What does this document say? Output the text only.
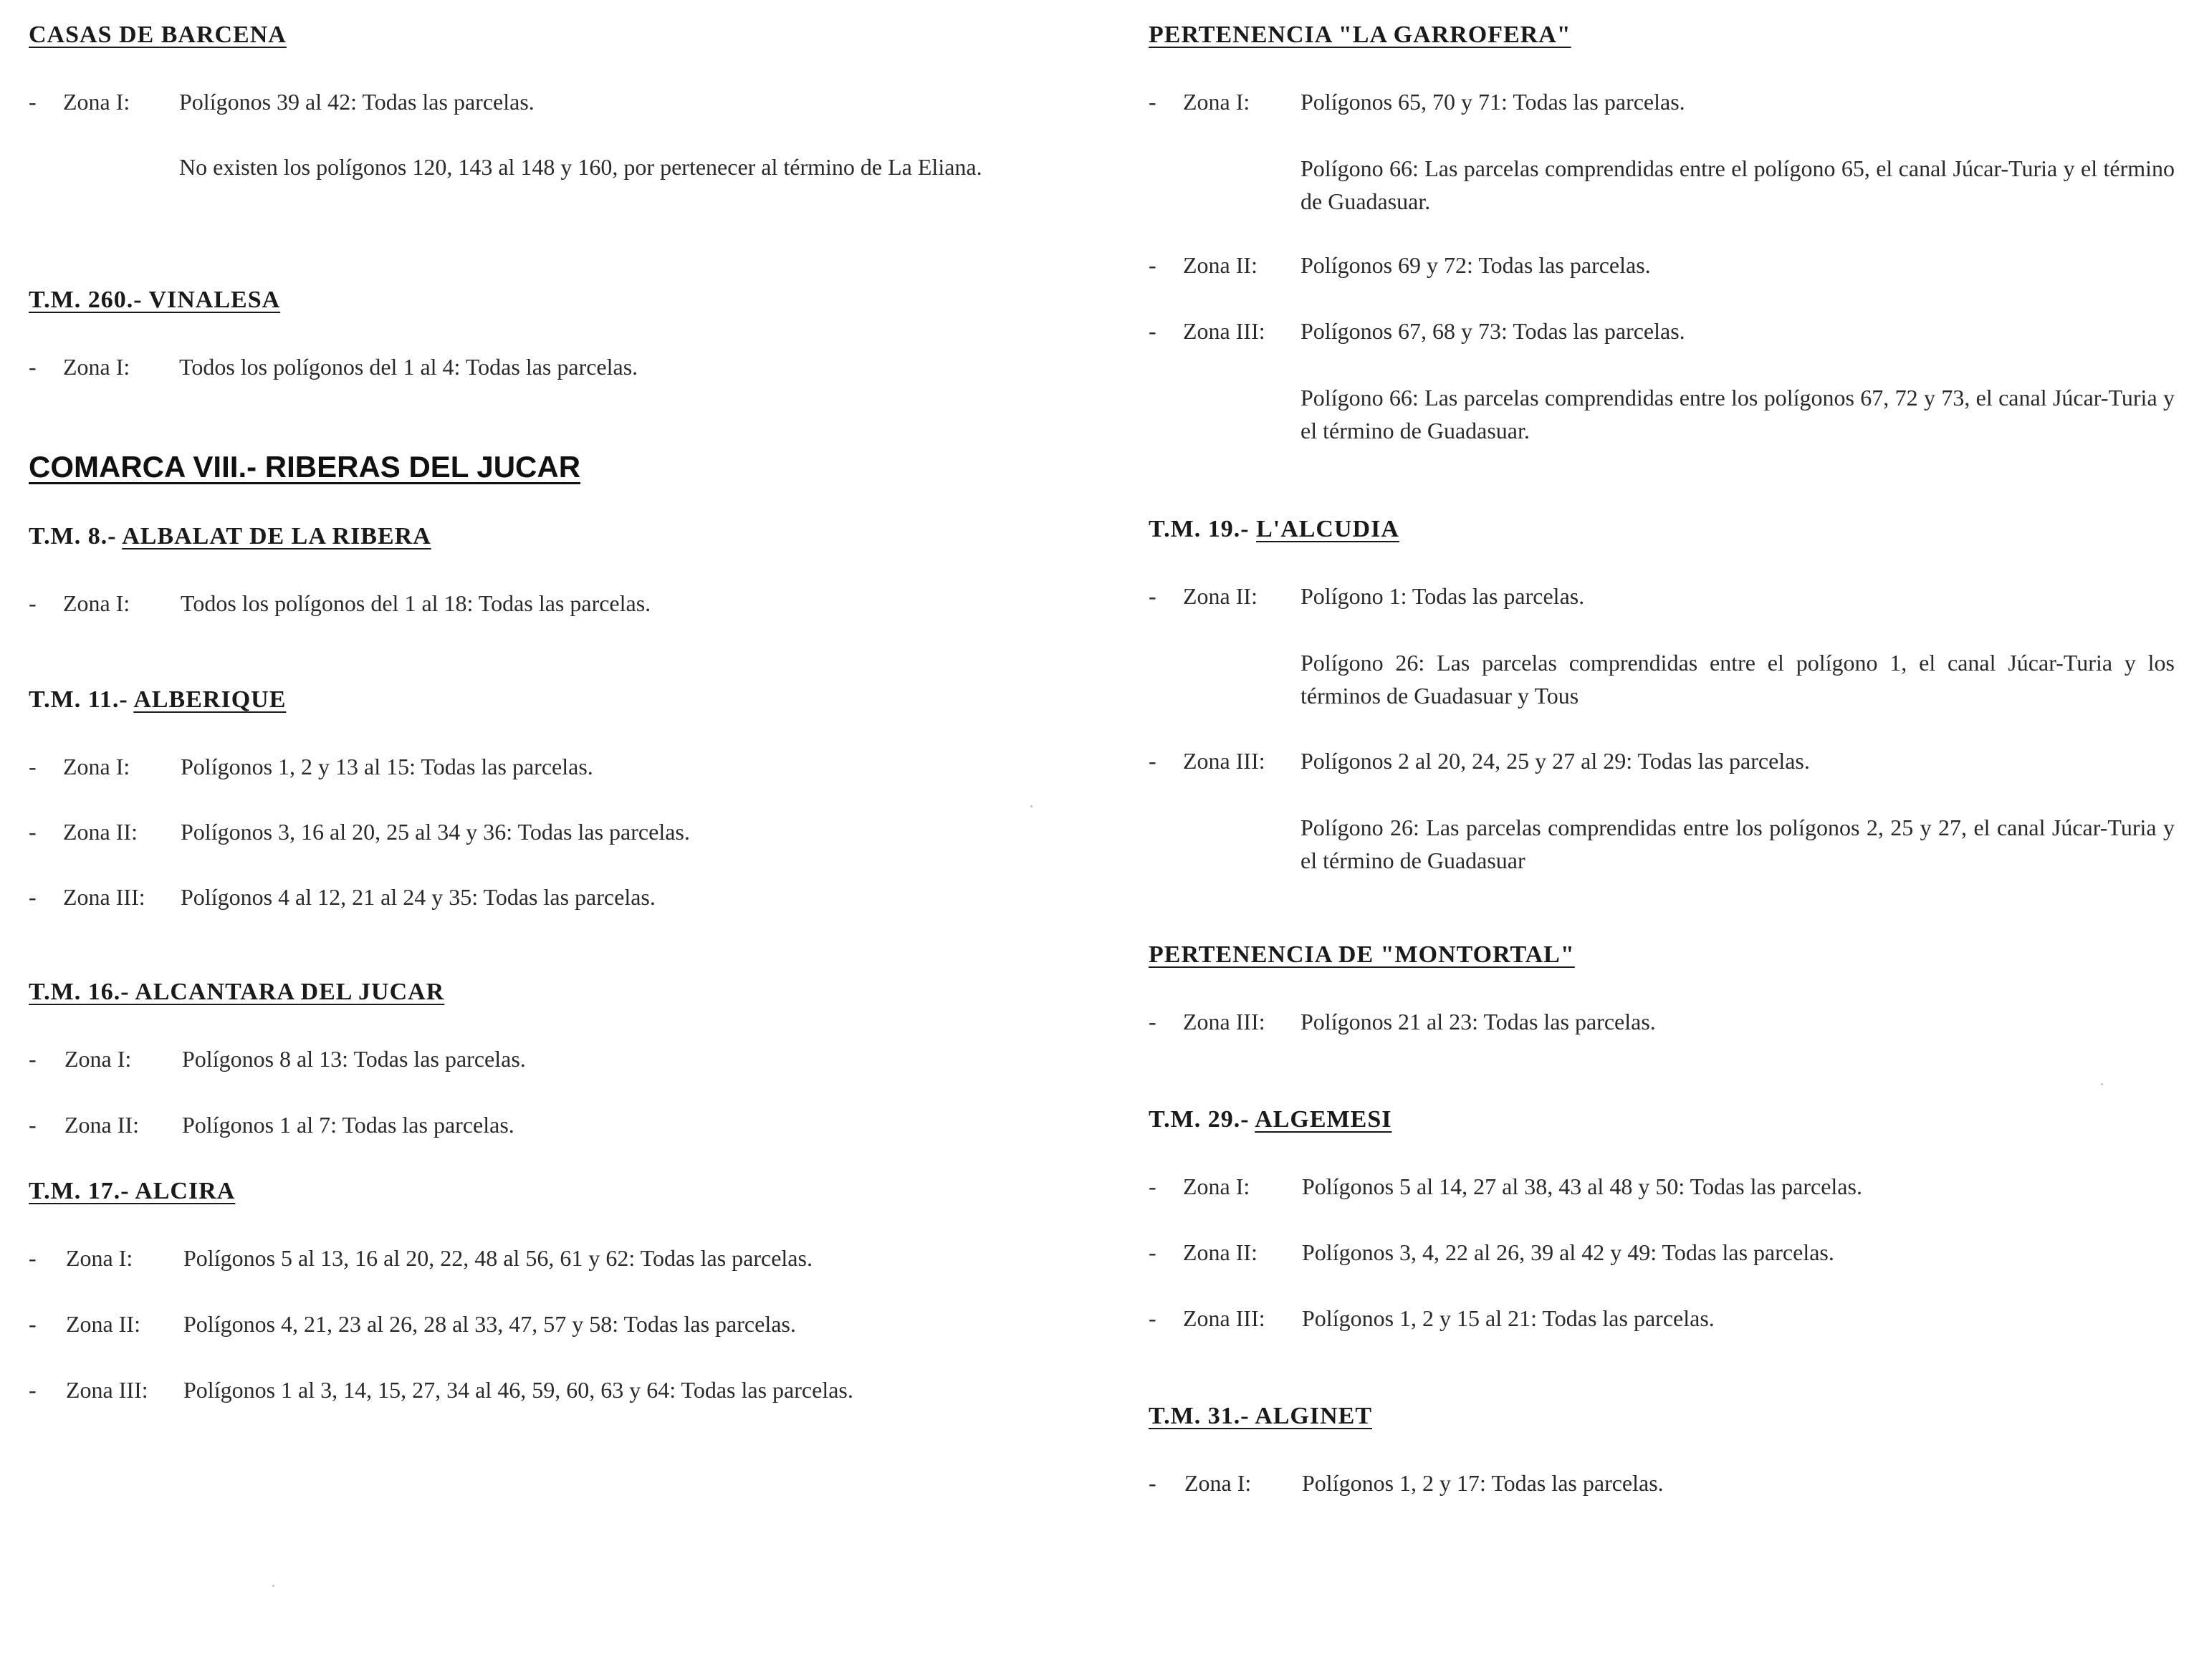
CASAS DE BARCENA
- Zona I: Polígonos 39 al 42: Todas las parcelas.
No existen los polígonos 120, 143 al 148 y 160, por pertenecer al término de La Eliana.
T.M. 260.- VINALESA
- Zona I: Todos los polígonos del 1 al 4: Todas las parcelas.
COMARCA VIII.- RIBERAS DEL JUCAR
T.M. 8.- ALBALAT DE LA RIBERA
- Zona I: Todos los polígonos del 1 al 18: Todas las parcelas.
T.M. 11.- ALBERIQUE
- Zona I: Polígonos 1, 2 y 13 al 15: Todas las parcelas.
- Zona II: Polígonos 3, 16 al 20, 25 al 34 y 36: Todas las parcelas.
- Zona III: Polígonos 4 al 12, 21 al 24 y 35: Todas las parcelas.
T.M. 16.- ALCANTARA DEL JUCAR
- Zona I: Polígonos 8 al 13: Todas las parcelas.
- Zona II: Polígonos 1 al 7: Todas las parcelas.
T.M. 17.- ALCIRA
- Zona I: Polígonos 5 al 13, 16 al 20, 22, 48 al 56, 61 y 62: Todas las parcelas.
- Zona II: Polígonos 4, 21, 23 al 26, 28 al 33, 47, 57 y 58: Todas las parcelas.
- Zona III: Polígonos 1 al 3, 14, 15, 27, 34 al 46, 59, 60, 63 y 64: Todas las parcelas.
PERTENENCIA "LA GARROFERA"
- Zona I: Polígonos 65, 70 y 71: Todas las parcelas.
Polígono 66: Las parcelas comprendidas entre el polígono 65, el canal Júcar-Turia y el término de Guadasuar.
- Zona II: Polígonos 69 y 72: Todas las parcelas.
- Zona III: Polígonos 67, 68 y 73: Todas las parcelas.
Polígono 66: Las parcelas comprendidas entre los polígonos 67, 72 y 73, el canal Júcar-Turia y el término de Guadasuar.
T.M. 19.- L'ALCUDIA
- Zona II: Polígono 1: Todas las parcelas.
Polígono 26: Las parcelas comprendidas entre el polígono 1, el canal Júcar-Turia y los términos de Guadasuar y Tous
- Zona III: Polígonos 2 al 20, 24, 25 y 27 al 29: Todas las parcelas.
Polígono 26: Las parcelas comprendidas entre los polígonos 2, 25 y 27, el canal Júcar-Turia y el término de Guadasuar
PERTENENCIA DE "MONTORTAL"
- Zona III: Polígonos 21 al 23: Todas las parcelas.
T.M. 29.- ALGEMESI
- Zona I: Polígonos 5 al 14, 27 al 38, 43 al 48 y 50: Todas las parcelas.
- Zona II: Polígonos 3, 4, 22 al 26, 39 al 42 y 49: Todas las parcelas.
- Zona III: Polígonos 1, 2 y 15 al 21: Todas las parcelas.
T.M. 31.- ALGINET
- Zona I: Polígonos 1, 2 y 17: Todas las parcelas.
